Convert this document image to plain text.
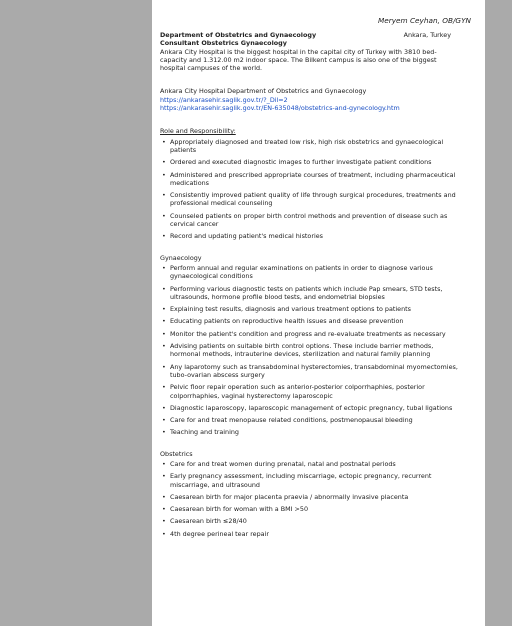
Meryem Ceyhan, OB/GYN
Ankara, Turkey
Department of Obstetrics and Gynaecology
Consultant Obstetrics Gynaecology
Ankara City Hospital is the biggest hospital in the capital city of Turkey with 3810 bed-capacity and 1.312.00 m2 indoor space. The Bilkent campus is also one of the biggest hospital campuses of the world.
Ankara City Hospital Department of Obstetrics and Gynaecology
https://ankarasehir.saglik.gov.tr/?_Dil=2
https://ankarasehir.saglik.gov.tr/EN-635048/obstetrics-and-gynecology.htm
Role and Responsibility:
• Appropriately diagnosed and treated low risk, high risk obstetrics and gynaecological patients
• Ordered and executed diagnostic images to further investigate patient conditions
• Administered and prescribed appropriate courses of treatment, including pharmaceutical medications
• Consistently improved patient quality of life through surgical procedures, treatments and professional medical counseling
• Counseled patients on proper birth control methods and prevention of disease such as cervical cancer
• Record and updating patient's medical histories
Gynaecology
• Perform annual and regular examinations on patients in order to diagnose various gynaecological conditions
• Performing various diagnostic tests on patients which include Pap smears, STD tests, ultrasounds, hormone profile blood tests, and endometrial biopsies
• Explaining test results, diagnosis and various treatment options to patients
• Educating patients on reproductive health issues and disease prevention
• Monitor the patient's condition and progress and re-evaluate treatments as necessary
• Advising patients on suitable birth control options. These include barrier methods, hormonal methods, intrauterine devices, sterilization and natural family planning
• Any laparotomy such as transabdominal hysterectomies, transabdominal myomectomies, tubo-ovarian abscess surgery
• Pelvic floor repair operation such as anterior-posterior colporrhaphies, posterior colporrhaphies, vaginal hysterectomy laparoscopic
• Diagnostic laparoscopy, laparoscopic management of ectopic pregnancy, tubal ligations
• Care for and treat menopause related conditions, postmenopausal bleeding
• Teaching and training
Obstetrics
• Care for and treat women during prenatal, natal and postnatal periods
• Early pregnancy assessment, including miscarriage, ectopic pregnancy, recurrent miscarriage, and ultrasound
• Caesarean birth for major placenta praevia / abnormally invasive placenta
• Caesarean birth for woman with a BMI >50
• Caesarean birth ≤28/40
• 4th degree perineal tear repair
